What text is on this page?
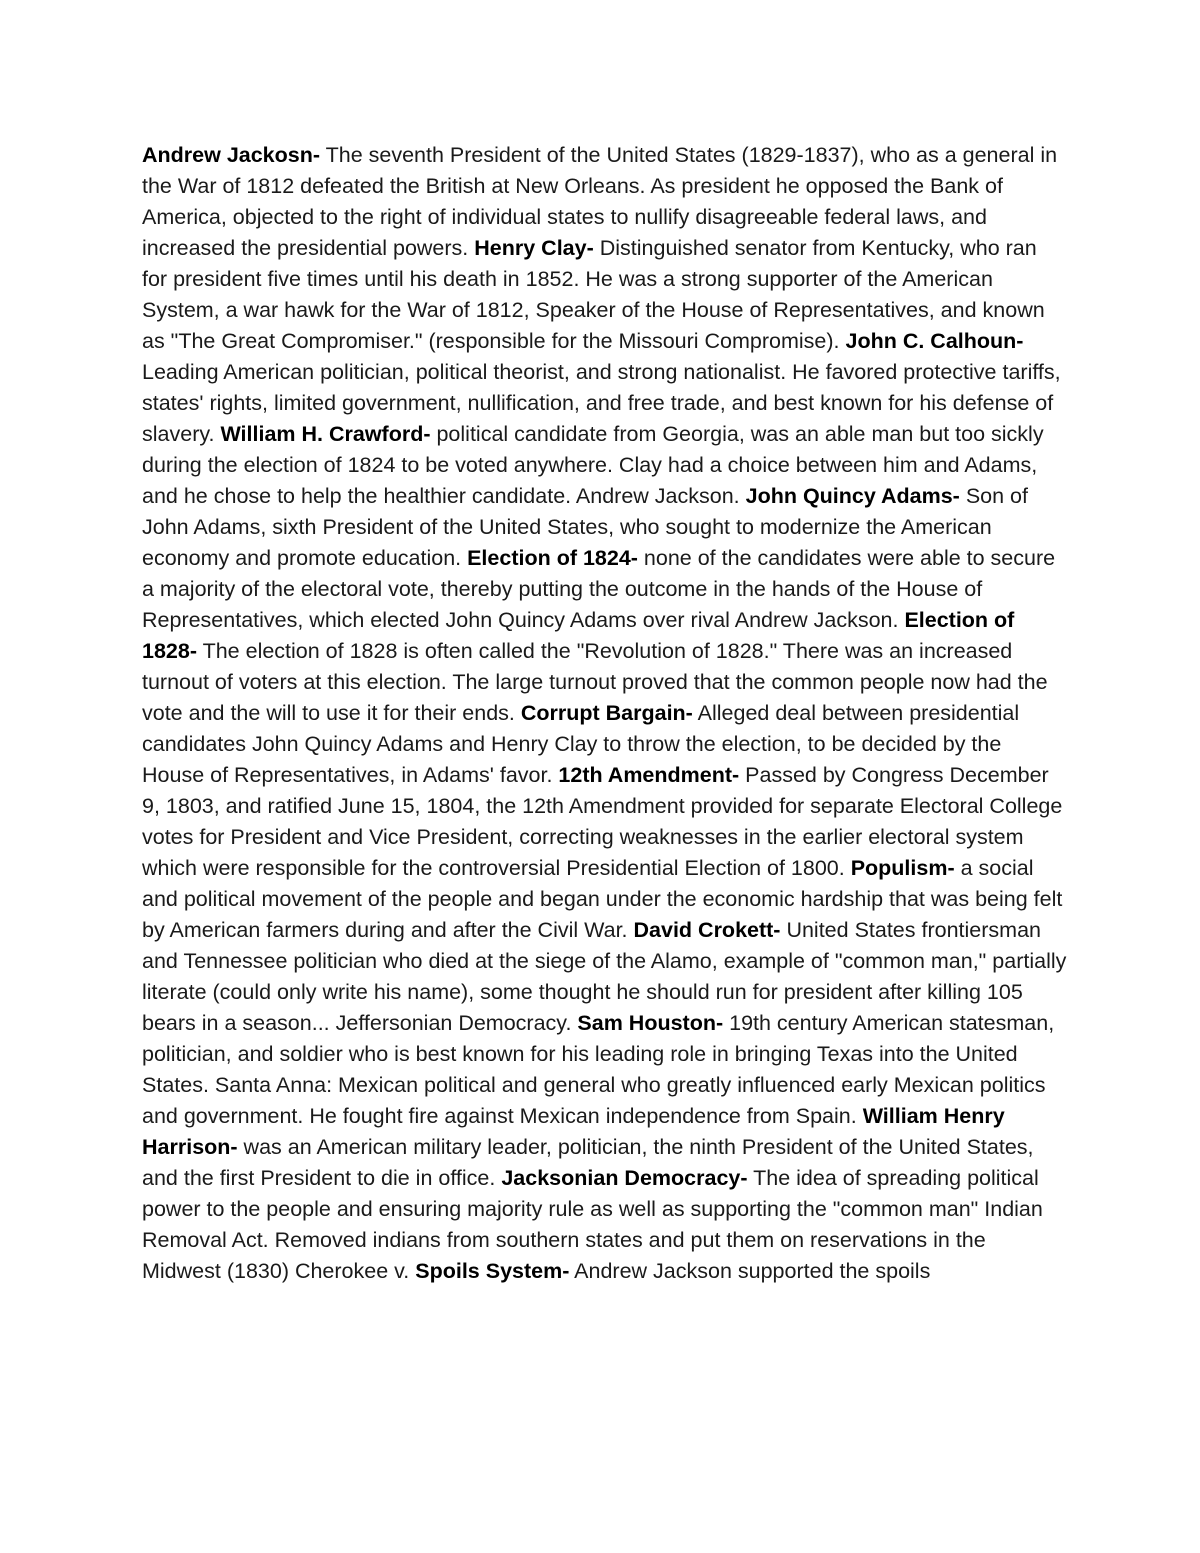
Andrew Jackosn- The seventh President of the United States (1829-1837), who as a general in the War of 1812 defeated the British at New Orleans. As president he opposed the Bank of America, objected to the right of individual states to nullify disagreeable federal laws, and increased the presidential powers. Henry Clay- Distinguished senator from Kentucky, who ran for president five times until his death in 1852. He was a strong supporter of the American System, a war hawk for the War of 1812, Speaker of the House of Representatives, and known as "The Great Compromiser." (responsible for the Missouri Compromise). John C. Calhoun- Leading American politician, political theorist, and strong nationalist. He favored protective tariffs, states' rights, limited government, nullification, and free trade, and best known for his defense of slavery. William H. Crawford- political candidate from Georgia, was an able man but too sickly during the election of 1824 to be voted anywhere. Clay had a choice between him and Adams, and he chose to help the healthier candidate. Andrew Jackson. John Quincy Adams- Son of John Adams, sixth President of the United States, who sought to modernize the American economy and promote education. Election of 1824- none of the candidates were able to secure a majority of the electoral vote, thereby putting the outcome in the hands of the House of Representatives, which elected John Quincy Adams over rival Andrew Jackson. Election of 1828- The election of 1828 is often called the "Revolution of 1828." There was an increased turnout of voters at this election. The large turnout proved that the common people now had the vote and the will to use it for their ends. Corrupt Bargain- Alleged deal between presidential candidates John Quincy Adams and Henry Clay to throw the election, to be decided by the House of Representatives, in Adams' favor. 12th Amendment- Passed by Congress December 9, 1803, and ratified June 15, 1804, the 12th Amendment provided for separate Electoral College votes for President and Vice President, correcting weaknesses in the earlier electoral system which were responsible for the controversial Presidential Election of 1800. Populism- a social and political movement of the people and began under the economic hardship that was being felt by American farmers during and after the Civil War. David Crokett- United States frontiersman and Tennessee politician who died at the siege of the Alamo, example of "common man," partially literate (could only write his name), some thought he should run for president after killing 105 bears in a season... Jeffersonian Democracy. Sam Houston- 19th century American statesman, politician, and soldier who is best known for his leading role in bringing Texas into the United States. Santa Anna: Mexican political and general who greatly influenced early Mexican politics and government. He fought fire against Mexican independence from Spain. William Henry Harrison- was an American military leader, politician, the ninth President of the United States, and the first President to die in office. Jacksonian Democracy- The idea of spreading political power to the people and ensuring majority rule as well as supporting the "common man" Indian Removal Act. Removed indians from southern states and put them on reservations in the Midwest (1830) Cherokee v. Spoils System- Andrew Jackson supported the spoils
